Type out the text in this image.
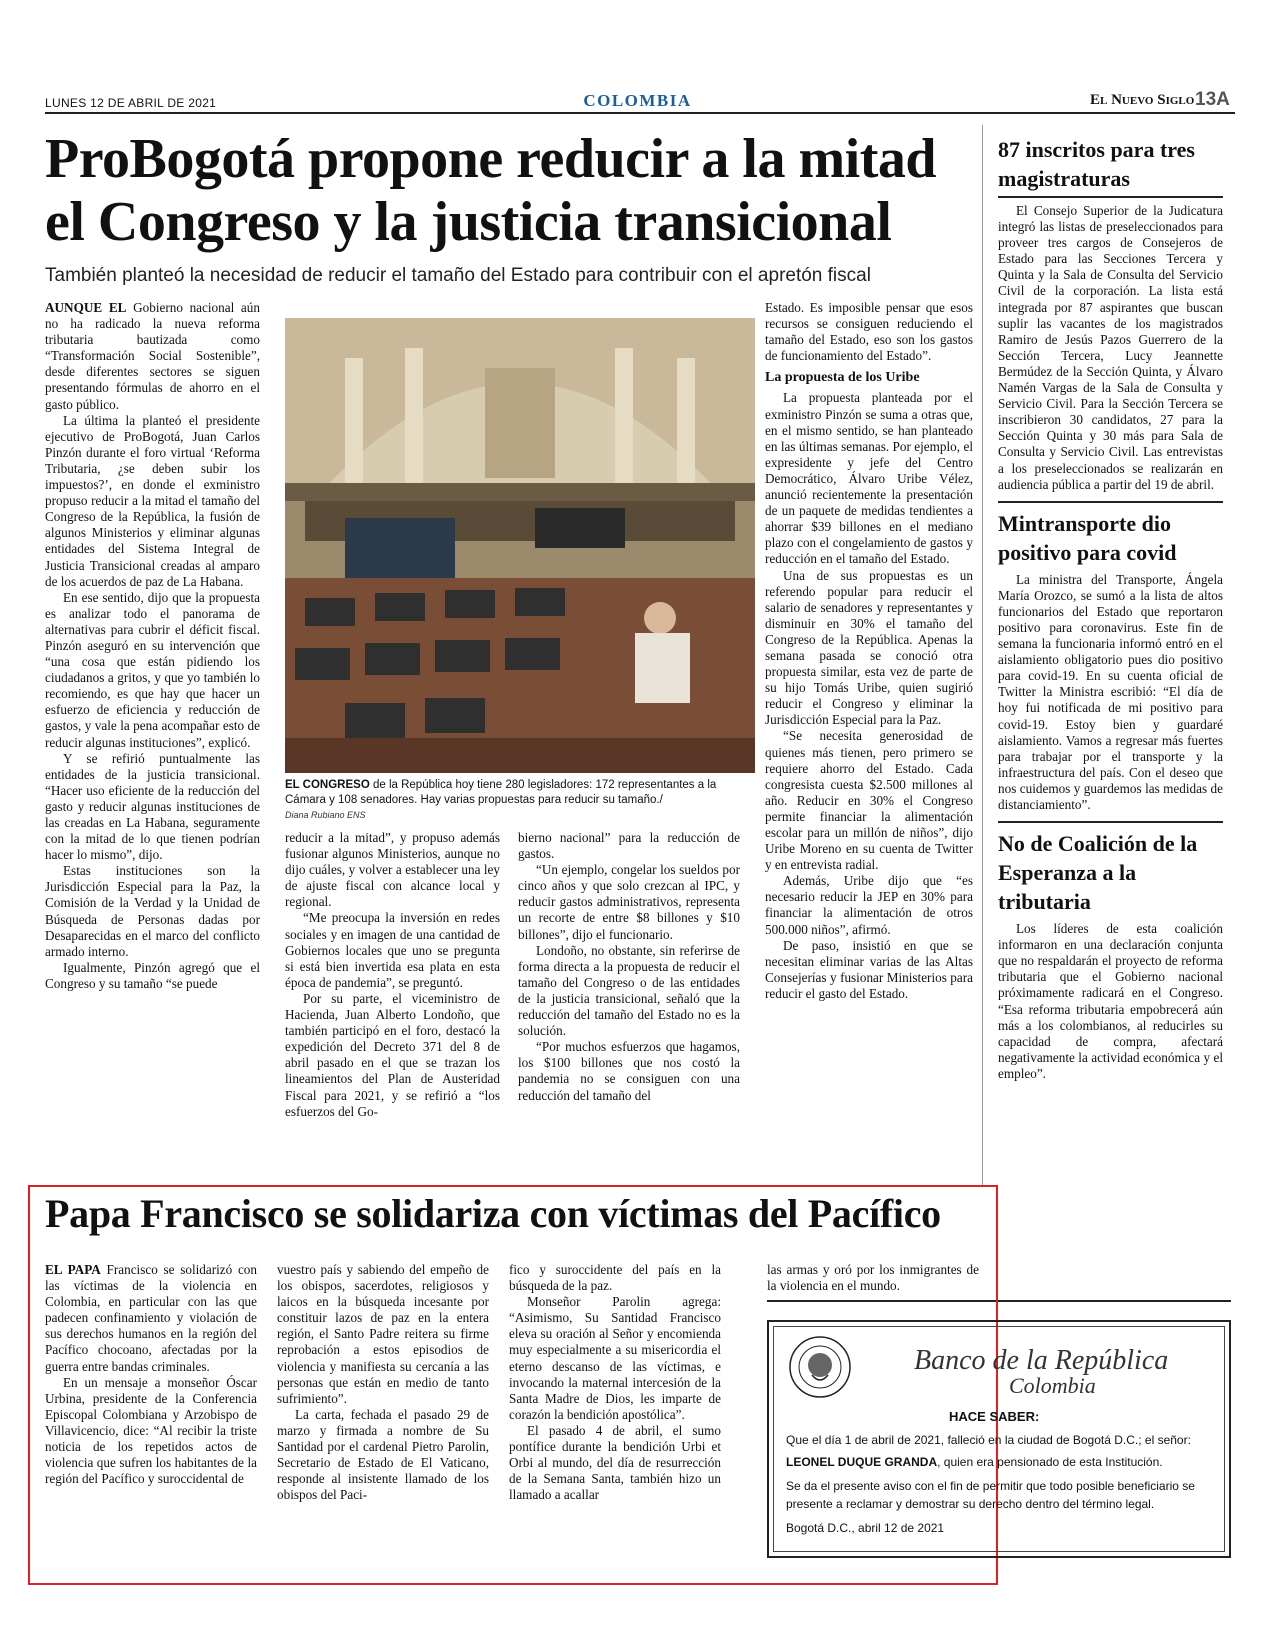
LUNES 12 DE ABRIL DE 2021	COLOMBIA	El Nuevo Siglo 13A
ProBogotá propone reducir a la mitad el Congreso y la justicia transicional
También planteó la necesidad de reducir el tamaño del Estado para contribuir con el apretón fiscal

AUNQUE EL Gobierno nacional aún no ha radicado la nueva reforma tributaria bautizada como “Transformación Social Sostenible”, desde diferentes sectores se siguen presentando fórmulas de ahorro en el gasto público.

La última la planteó el presidente ejecutivo de ProBogotá, Juan Carlos Pinzón durante el foro virtual ‘Reforma Tributaria, ¿se deben subir los impuestos?’, en donde el exministro propuso reducir a la mitad el tamaño del Congreso de la República, la fusión de algunos Ministerios y eliminar algunas entidades del Sistema Integral de Justicia Transicional creadas al amparo de los acuerdos de paz de La Habana.

En ese sentido, dijo que la propuesta es analizar todo el panorama de alternativas para cubrir el déficit fiscal. Pinzón aseguró en su intervención que “una cosa que están pidiendo los ciudadanos a gritos, y que yo también lo recomiendo, es que hay que hacer un esfuerzo de eficiencia y reducción de gastos, y vale la pena acompañar esto de reducir algunas instituciones”, explicó.

Y se refirió puntualmente las entidades de la justicia transicional. “Hacer uso eficiente de la reducción del gasto y reducir algunas instituciones de las creadas en La Habana, seguramente con la mitad de lo que tienen podrían hacer lo mismo”, dijo.

Estas instituciones son la Jurisdicción Especial para la Paz, la Comisión de la Verdad y la Unidad de Búsqueda de Personas dadas por Desaparecidas en el marco del conflicto armado interno.

Igualmente, Pinzón agregó que el Congreso y su tamaño “se puede

EL CONGRESO de la República hoy tiene 280 legisladores: 172 representantes a la Cámara y 108 senadores. Hay varias propuestas para reducir su tamaño./
Diana Rubiano ENS

reducir a la mitad”, y propuso además fusionar algunos Ministerios, aunque no dijo cuáles, y volver a establecer una ley de ajuste fiscal con alcance local y regional.

“Me preocupa la inversión en redes sociales y en imagen de una cantidad de Gobiernos locales que uno se pregunta si está bien invertida esa plata en esta época de pandemia”, se preguntó.

Por su parte, el viceministro de Hacienda, Juan Alberto Londoño, que también participó en el foro, destacó la expedición del Decreto 371 del 8 de abril pasado en el que se trazan los lineamientos del Plan de Austeridad Fiscal para 2021, y se refirió a “los esfuerzos del Go-

bierno nacional” para la reducción de gastos.

“Un ejemplo, congelar los sueldos por cinco años y que solo crezcan al IPC, y reducir gastos administrativos, representa un recorte de entre $8 billones y $10 billones”, dijo el funcionario.

Londoño, no obstante, sin referirse de forma directa a la propuesta de reducir el tamaño del Congreso o de las entidades de la justicia transicional, señaló que la reducción del tamaño del Estado no es la solución.

“Por muchos esfuerzos que hagamos, los $100 billones que nos costó la pandemia no se consiguen con una reducción del tamaño del

Estado. Es imposible pensar que esos recursos se consiguen reduciendo el tamaño del Estado, eso son los gastos de funcionamiento del Estado”.

La propuesta de los Uribe

La propuesta planteada por el exministro Pinzón se suma a otras que, en el mismo sentido, se han planteado en las últimas semanas. Por ejemplo, el expresidente y jefe del Centro Democrático, Álvaro Uribe Vélez, anunció recientemente la presentación de un paquete de medidas tendientes a ahorrar $39 billones en el mediano plazo con el congelamiento de gastos y reducción en el tamaño del Estado.

Una de sus propuestas es un referendo popular para reducir el salario de senadores y representantes y disminuir en 30% el tamaño del Congreso de la República. Apenas la semana pasada se conoció otra propuesta similar, esta vez de parte de su hijo Tomás Uribe, quien sugirió reducir el Congreso y eliminar la Jurisdicción Especial para la Paz.

“Se necesita generosidad de quienes más tienen, pero primero se requiere ahorro del Estado. Cada congresista cuesta $2.500 millones al año. Reducir en 30% el Congreso permite financiar la alimentación escolar para un millón de niños”, dijo Uribe Moreno en su cuenta de Twitter y en entrevista radial.

Además, Uribe dijo que “es necesario reducir la JEP en 30% para financiar la alimentación de otros 500.000 niños”, afirmó.

De paso, insistió en que se necesitan eliminar varias de las Altas Consejerías y fusionar Ministerios para reducir el gasto del Estado.

87 inscritos para tres magistraturas

El Consejo Superior de la Judicatura integró las listas de preseleccionados para proveer tres cargos de Consejeros de Estado para las Secciones Tercera y Quinta y la Sala de Consulta del Servicio Civil de la corporación. La lista está integrada por 87 aspirantes que buscan suplir las vacantes de los magistrados Ramiro de Jesús Pazos Guerrero de la Sección Tercera, Lucy Jeannette Bermúdez de la Sección Quinta, y Álvaro Namén Vargas de la Sala de Consulta y Servicio Civil. Para la Sección Tercera se inscribieron 30 candidatos, 27 para la Sección Quinta y 30 más para Sala de Consulta y Servicio Civil. Las entrevistas a los preseleccionados se realizarán en audiencia pública a partir del 19 de abril.

Mintransporte dio positivo para covid

La ministra del Transporte, Ángela María Orozco, se sumó a la lista de altos funcionarios del Estado que reportaron positivo para coronavirus. Este fin de semana la funcionaria informó entró en el aislamiento obligatorio pues dio positivo para covid-19. En su cuenta oficial de Twitter la Ministra escribió: “El día de hoy fui notificada de mi positivo para covid-19. Estoy bien y guardaré aislamiento. Vamos a regresar más fuertes para trabajar por el transporte y la infraestructura del país. Con el deseo que nos cuidemos y guardemos las medidas de distanciamiento”.

No de Coalición de la Esperanza a la tributaria

Los líderes de esta coalición informaron en una declaración conjunta que no respaldarán el proyecto de reforma tributaria que el Gobierno nacional próximamente radicará en el Congreso. “Esa reforma tributaria empobrecerá aún más a los colombianos, al reducirles su capacidad de compra, afectará negativamente la actividad económica y el empleo”.

Papa Francisco se solidariza con víctimas del Pacífico

EL PAPA Francisco se solidarizó con las víctimas de la violencia en Colombia, en particular con las que padecen confinamiento y violación de sus derechos humanos en la región del Pacífico chocoano, afectadas por la guerra entre bandas criminales.

En un mensaje a monseñor Óscar Urbina, presidente de la Conferencia Episcopal Colombiana y Arzobispo de Villavicencio, dice: “Al recibir la triste noticia de los repetidos actos de violencia que sufren los habitantes de la región del Pacífico y suroccidental de

vuestro país y sabiendo del empeño de los obispos, sacerdotes, religiosos y laicos en la búsqueda incesante por constituir lazos de paz en la entera región, el Santo Padre reitera su firme reprobación a estos episodios de violencia y manifiesta su cercanía a las personas que están en medio de tanto sufrimiento”.

La carta, fechada el pasado 29 de marzo y firmada a nombre de Su Santidad por el cardenal Pietro Parolin, Secretario de Estado de El Vaticano, responde al insistente llamado de los obispos del Paci-

fico y suroccidente del país en la búsqueda de la paz.

Monseñor Parolin agrega: “Asimismo, Su Santidad Francisco eleva su oración al Señor y encomienda muy especialmente a su misericordia el eterno descanso de las víctimas, e invocando la maternal intercesión de la Santa Madre de Dios, les imparte de corazón la bendición apostólica”.

El pasado 4 de abril, el sumo pontífice durante la bendición Urbi et Orbi al mundo, del día de resurrección de la Semana Santa, también hizo un llamado a acallar

las armas y oró por los inmigrantes de la violencia en el mundo.

Banco de la República
Colombia
HACE SABER:
Que el día 1 de abril de 2021, falleció en la ciudad de Bogotá D.C.; el señor:
LEONEL DUQUE GRANDA, quien era pensionado de esta Institución.
Se da el presente aviso con el fin de permitir que todo posible beneficiario se presente a reclamar y demostrar su derecho dentro del término legal.
Bogotá D.C., abril 12 de 2021
